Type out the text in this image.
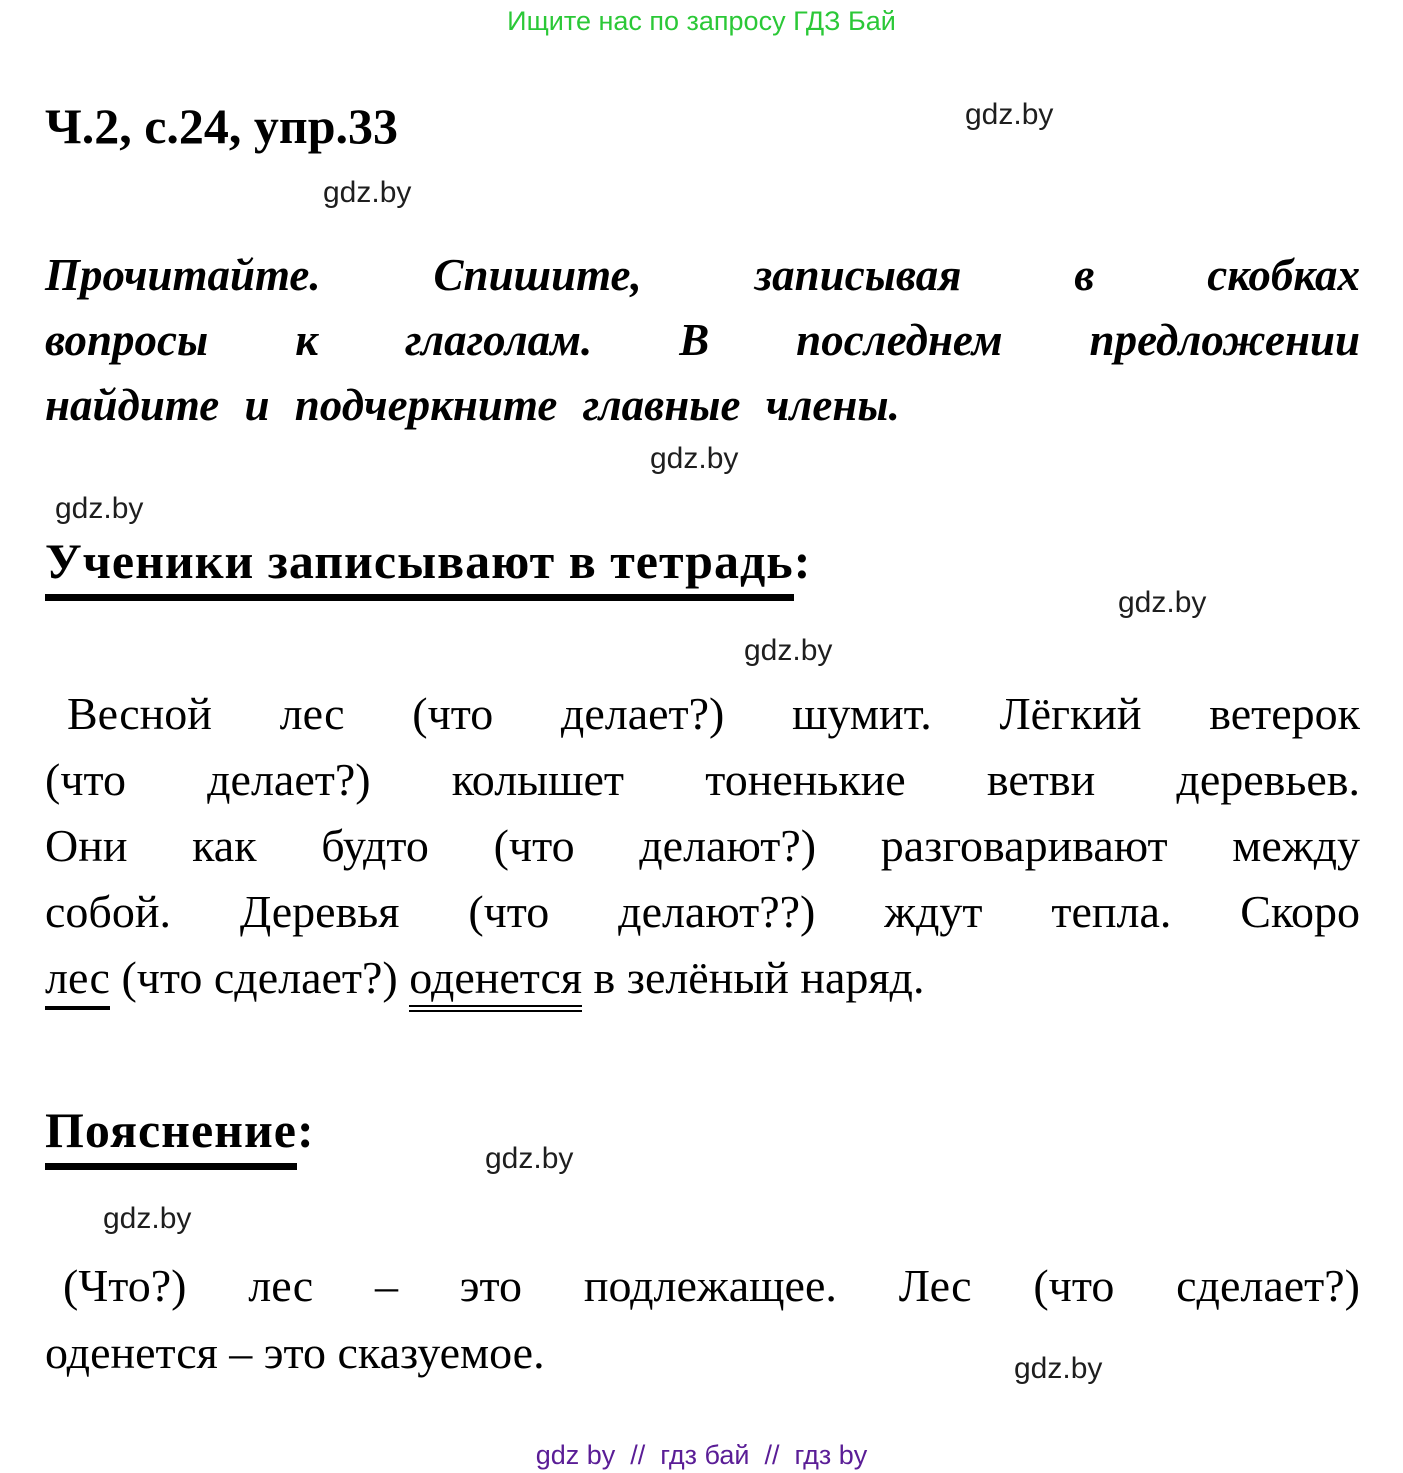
Ищите нас по запросу ГДЗ Бай
Ч.2, с.24, упр.33	gdz.by
gdz.by
Прочитайте. Спишите, записывая в скобках
вопросы к глаголам. В последнем предложении
найдите и подчеркните главные члены.
gdz.by
gdz.by
Ученики записывают в тетрадь:
gdz.by
gdz.by
Весной лес (что делает?) шумит. Лёгкий ветерок
(что делает?) колышет тоненькие ветви деревьев.
Они как будто (что делают?) разговаривают между
собой. Деревья (что делают??) ждут тепла. Скоро
лес (что сделает?) оденется в зелёный наряд.
Пояснение:
gdz.by
gdz.by
(Что?) лес – это подлежащее. Лес (что сделает?)
оденется – это сказуемое.	gdz.by
gdz by  //  гдз бай  //  гдз by
